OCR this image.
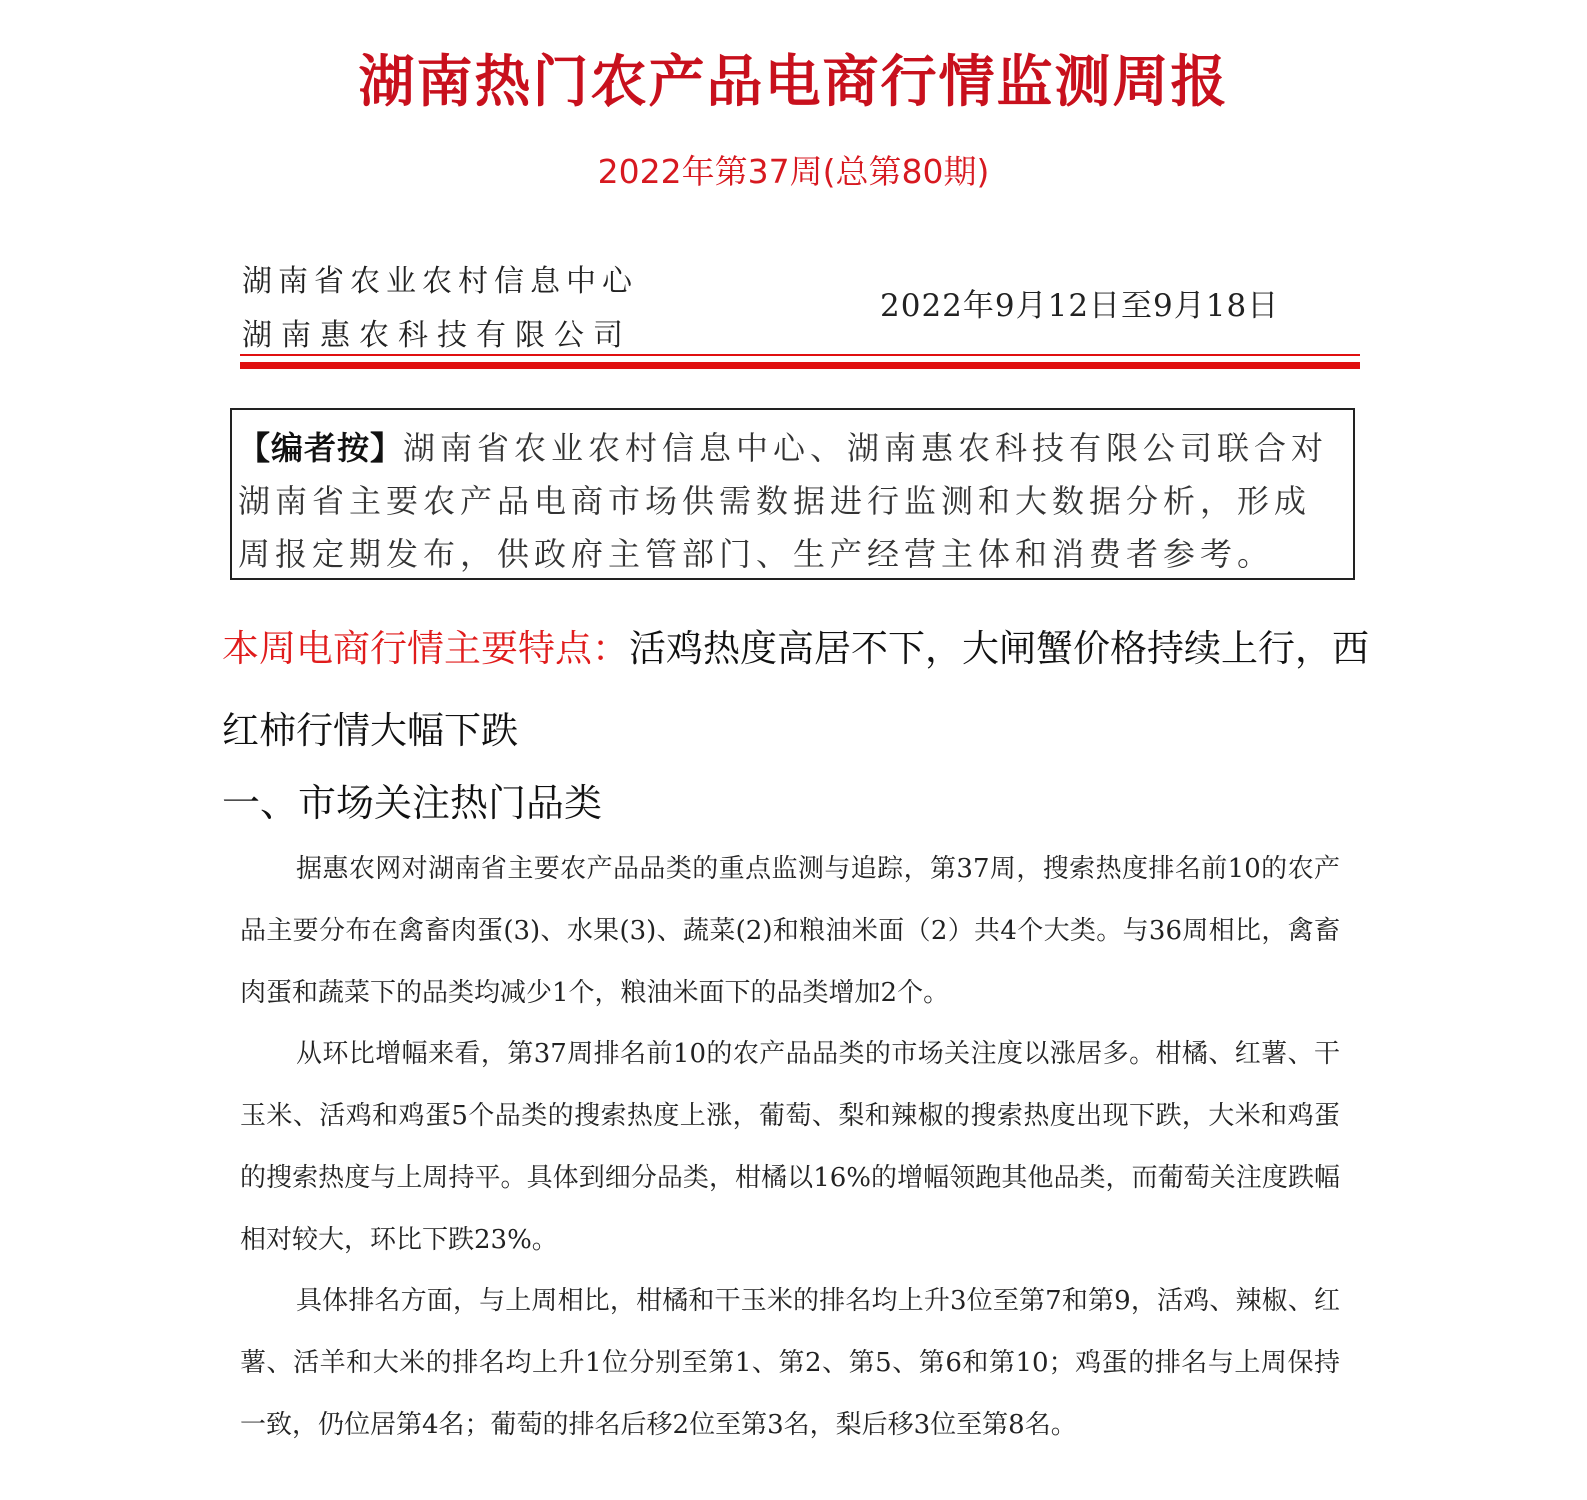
湖南热门农产品电商行情监测周报
2022年第37周(总第80期)
湖南省农业农村信息中心
湖南惠农科技有限公司
2022年9月12日至9月18日
【编者按】湖南省农业农村信息中心、湖南惠农科技有限公司联合对湖南省主要农产品电商市场供需数据进行监测和大数据分析，形成周报定期发布，供政府主管部门、生产经营主体和消费者参考。
本周电商行情主要特点：活鸡热度高居不下，大闸蟹价格持续上行，西红柿行情大幅下跌
一、市场关注热门品类
据惠农网对湖南省主要农产品品类的重点监测与追踪，第37周，搜索热度排名前10的农产品主要分布在禽畜肉蛋(3)、水果(3)、蔬菜(2)和粮油米面（2）共4个大类。与36周相比，禽畜肉蛋和蔬菜下的品类均减少1个，粮油米面下的品类增加2个。
从环比增幅来看，第37周排名前10的农产品品类的市场关注度以涨居多。柑橘、红薯、干玉米、活鸡和鸡蛋5个品类的搜索热度上涨，葡萄、梨和辣椒的搜索热度出现下跌，大米和鸡蛋的搜索热度与上周持平。具体到细分品类，柑橘以16%的增幅领跑其他品类，而葡萄关注度跌幅相对较大，环比下跌23%。
具体排名方面，与上周相比，柑橘和干玉米的排名均上升3位至第7和第9，活鸡、辣椒、红薯、活羊和大米的排名均上升1位分别至第1、第2、第5、第6和第10；鸡蛋的排名与上周保持一致，仍位居第4名；葡萄的排名后移2位至第3名，梨后移3位至第8名。
